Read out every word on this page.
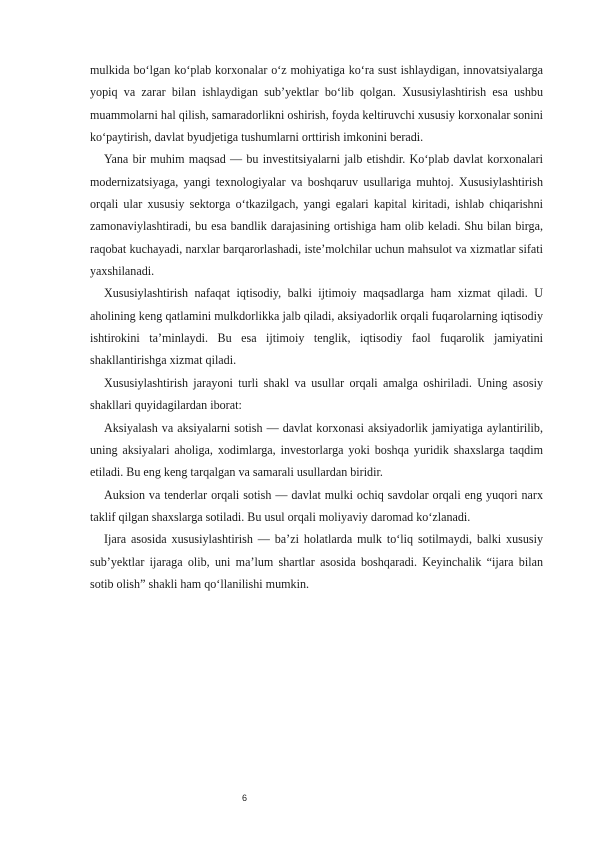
mulkida bo‘lgan ko‘plab korxonalar o‘z mohiyatiga ko‘ra sust ishlaydigan, innovatsiyalarga yopiq va zarar bilan ishlaydigan sub’yektlar bo‘lib qolgan. Xususiylashtirish esa ushbu muammolarni hal qilish, samaradorlikni oshirish, foyda keltiruvchi xususiy korxonalar sonini ko‘paytirish, davlat byudjetiga tushumlarni orttirish imkonini beradi.

Yana bir muhim maqsad — bu investitsiyalarni jalb etishdir. Ko‘plab davlat korxonalari modernizatsiyaga, yangi texnologiyalar va boshqaruv usullariga muhtoj. Xususiylashtirish orqali ular xususiy sektorga o‘tkazilgach, yangi egalari kapital kiritadi, ishlab chiqarishni zamonaviylashtiradi, bu esa bandlik darajasining ortishiga ham olib keladi. Shu bilan birga, raqobat kuchayadi, narxlar barqarorlashadi, iste’molchilar uchun mahsulot va xizmatlar sifati yaxshilanadi.

Xususiylashtirish nafaqat iqtisodiy, balki ijtimoiy maqsadlarga ham xizmat qiladi. U aholining keng qatlamini mulkdorlikka jalb qiladi, aksiyadorlik orqali fuqarolarning iqtisodiy ishtirokini ta’minlaydi. Bu esa ijtimoiy tenglik, iqtisodiy faol fuqarolik jamiyatini shakllantirishga xizmat qiladi.

Xususiylashtirish jarayoni turli shakl va usullar orqali amalga oshiriladi. Uning asosiy shakllari quyidagilardan iborat:

Aksiyalash va aksiyalarni sotish — davlat korxonasi aksiyadorlik jamiyatiga aylantirilib, uning aksiyalari aholiga, xodimlarga, investorlarga yoki boshqa yuridik shaxslarga taqdim etiladi. Bu eng keng tarqalgan va samarali usullardan biridir.

Auksion va tenderlar orqali sotish — davlat mulki ochiq savdolar orqali eng yuqori narx taklif qilgan shaxslarga sotiladi. Bu usul orqali moliyaviy daromad ko‘zlanadi.

Ijara asosida xususiylashtirish — ba’zi holatlarda mulk to‘liq sotilmaydi, balki xususiy sub’yektlar ijaraga olib, uni ma’lum shartlar asosida boshqaradi. Keyinchalik “ijara bilan sotib olish” shakli ham qo‘llanilishi mumkin.

6
